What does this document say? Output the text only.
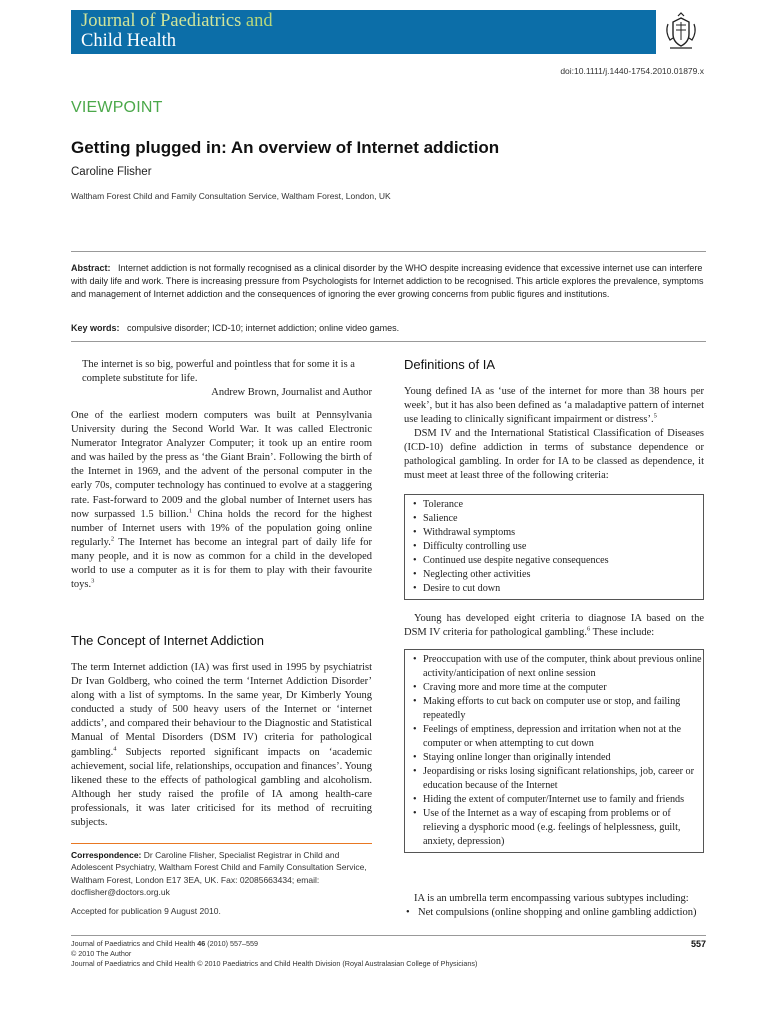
Journal of Paediatrics and
Child Health
doi:10.1111/j.1440-1754.2010.01879.x
VIEWPOINT
Getting plugged in: An overview of Internet addiction
Caroline Flisher
Waltham Forest Child and Family Consultation Service, Waltham Forest, London, UK
Abstract: Internet addiction is not formally recognised as a clinical disorder by the WHO despite increasing evidence that excessive internet use can interfere with daily life and work. There is increasing pressure from Psychologists for Internet addiction to be recognised. This article explores the prevalence, symptoms and management of Internet addiction and the consequences of ignoring the ever growing concerns from public figures and institutions.
Key words: compulsive disorder; ICD-10; internet addiction; online video games.
The internet is so big, powerful and pointless that for some it is a complete substitute for life.
Andrew Brown, Journalist and Author
One of the earliest modern computers was built at Pennsylvania University during the Second World War. It was called Electronic Numerator Integrator Analyzer Computer; it took up an entire room and was hailed by the press as ‘the Giant Brain’. Following the birth of the Internet in 1969, and the advent of the personal computer in the early 70s, computer technology has continued to evolve at a staggering rate. Fast-forward to 2009 and the global number of Internet users has now surpassed 1.5 billion.$^1$ China holds the record for the highest number of Internet users with 19% of the population going online regularly.$^2$ The Internet has become an integral part of daily life for many people, and it is now as common for a child in the developed world to use a computer as it is for them to play with their favourite toys.$^3$
The Concept of Internet Addiction
The term Internet addiction (IA) was first used in 1995 by psychiatrist Dr Ivan Goldberg, who coined the term ‘Internet Addiction Disorder’ along with a list of symptoms. In the same year, Dr Kimberly Young conducted a study of 500 heavy users of the Internet or ‘internet addicts’, and compared their behaviour to the Diagnostic and Statistical Manual of Mental Disorders (DSM IV) criteria for pathological gambling.$^4$ Subjects reported significant impacts on ‘academic achievement, social life, relationships, occupation and finances’. Young likened these to the effects of pathological gambling and alcoholism. Although her study raised the profile of IA among health-care professionals, it was later criticised for its method of recruiting subjects.
Correspondence: Dr Caroline Flisher, Specialist Registrar in Child and Adolescent Psychiatry, Waltham Forest Child and Family Consultation Service, Waltham Forest, London E17 3EA, UK. Fax: 02085663434; email: docflisher@doctors.org.uk
Accepted for publication 9 August 2010.
Definitions of IA
Young defined IA as ‘use of the internet for more than 38 hours per week’, but it has also been defined as ‘a maladaptive pattern of internet use leading to clinically significant impairment or distress’.$^5$
DSM IV and the International Statistical Classification of Diseases (ICD-10) define addiction in terms of substance dependence or pathological gambling. In order for IA to be classed as dependence, it must meet at least three of the following criteria:
• Tolerance
• Salience
• Withdrawal symptoms
• Difficulty controlling use
• Continued use despite negative consequences
• Neglecting other activities
• Desire to cut down
Young has developed eight criteria to diagnose IA based on the DSM IV criteria for pathological gambling.$^6$ These include:
• Preoccupation with use of the computer, think about previous online activity/anticipation of next online session
• Craving more and more time at the computer
• Making efforts to cut back on computer use or stop, and failing repeatedly
• Feelings of emptiness, depression and irritation when not at the computer or when attempting to cut down
• Staying online longer than originally intended
• Jeopardising or risks losing significant relationships, job, career or education because of the Internet
• Hiding the extent of computer/Internet use to family and friends
• Use of the Internet as a way of escaping from problems or of relieving a dysphoric mood (e.g. feelings of helplessness, guilt, anxiety, depression)
IA is an umbrella term encompassing various subtypes including:
• Net compulsions (online shopping and online gambling addiction)
Journal of Paediatrics and Child Health 46 (2010) 557–559
© 2010 The Author
Journal of Paediatrics and Child Health © 2010 Paediatrics and Child Health Division (Royal Australasian College of Physicians)
557
